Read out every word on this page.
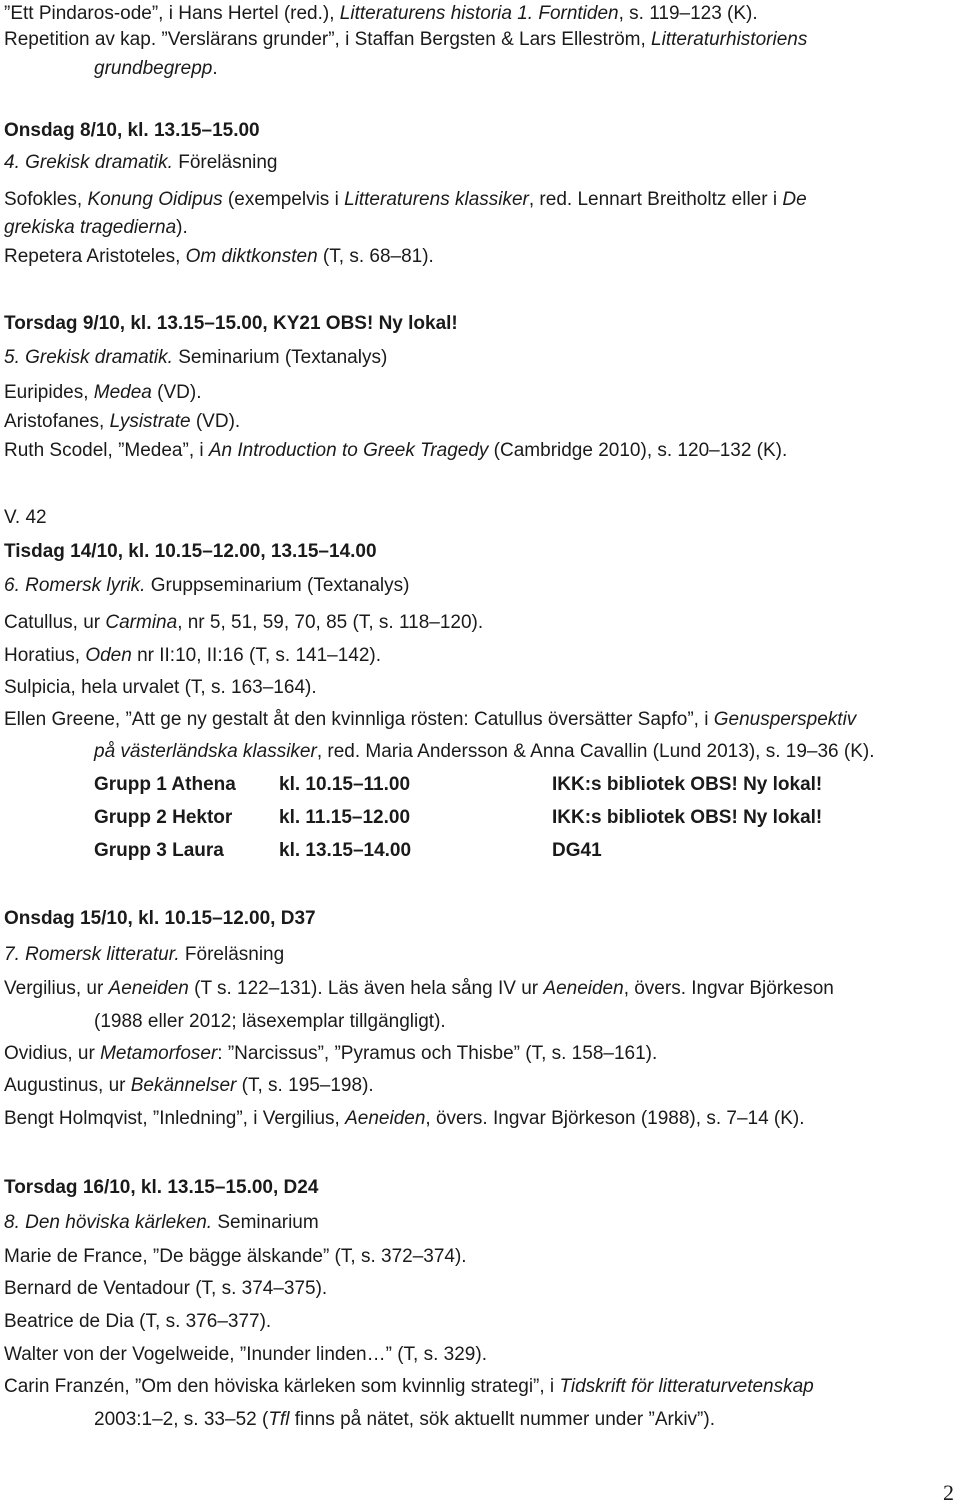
”Ett Pindaros-ode”, i Hans Hertel (red.), Litteraturens historia 1. Forntiden, s. 119–123 (K).
Repetition av kap. ”Verslärans grunder”, i Staffan Bergsten & Lars Elleström, Litteraturhistoriens
grundbegrepp.
Onsdag 8/10, kl. 13.15–15.00
4. Grekisk dramatik. Föreläsning
Sofokles, Konung Oidipus (exempelvis i Litteraturens klassiker, red. Lennart Breitholtz eller i De
grekiska tragedierna).
Repetera Aristoteles, Om diktkonsten (T, s. 68–81).
Torsdag 9/10, kl. 13.15–15.00, KY21 OBS! Ny lokal!
5. Grekisk dramatik. Seminarium (Textanalys)
Euripides, Medea (VD).
Aristofanes, Lysistrate (VD).
Ruth Scodel, ”Medea”, i An Introduction to Greek Tragedy (Cambridge 2010), s. 120–132 (K).
V. 42
Tisdag 14/10, kl. 10.15–12.00, 13.15–14.00
6. Romersk lyrik. Gruppseminarium (Textanalys)
Catullus, ur Carmina, nr 5, 51, 59, 70, 85 (T, s. 118–120).
Horatius, Oden nr II:10, II:16 (T, s. 141–142).
Sulpicia, hela urvalet (T, s. 163–164).
Ellen Greene, ”Att ge ny gestalt åt den kvinnliga rösten: Catullus översätter Sapfo”, i Genusperspektiv
på västerländska klassiker, red. Maria Andersson & Anna Cavallin (Lund 2013), s. 19–36 (K).
Grupp 1 Athena kl. 10.15–11.00	IKK:s bibliotek OBS! Ny lokal!
Grupp 2 Hektor kl. 11.15–12.00	IKK:s bibliotek OBS! Ny lokal!
Grupp 3 Laura	kl. 13.15–14.00	DG41
Onsdag 15/10, kl. 10.15–12.00, D37
7. Romersk litteratur. Föreläsning
Vergilius, ur Aeneiden (T s. 122–131). Läs även hela sång IV ur Aeneiden, övers. Ingvar Björkeson
(1988 eller 2012; läsexemplar tillgängligt).
Ovidius, ur Metamorfoser: ”Narcissus”, ”Pyramus och Thisbe” (T, s. 158–161).
Augustinus, ur Bekännelser (T, s. 195–198).
Bengt Holmqvist, ”Inledning”, i Vergilius, Aeneiden, övers. Ingvar Björkeson (1988), s. 7–14 (K).
Torsdag 16/10, kl. 13.15–15.00, D24
8. Den höviska kärleken. Seminarium
Marie de France, ”De bägge älskande” (T, s. 372–374).
Bernard de Ventadour (T, s. 374–375).
Beatrice de Dia (T, s. 376–377).
Walter von der Vogelweide, ”Inunder linden…” (T, s. 329).
Carin Franzén, ”Om den höviska kärleken som kvinnlig strategi”, i Tidskrift för litteraturvetenskap
2003:1–2, s. 33–52 (Tfl finns på nätet, sök aktuellt nummer under ”Arkiv”).
2
